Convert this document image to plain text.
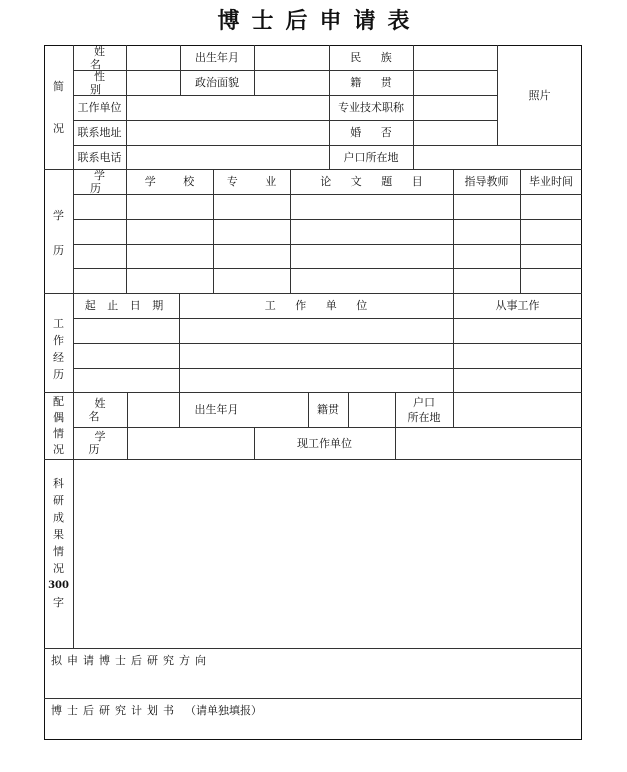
博士后申请表
简
况
姓 名	出生年月	民 族
照片
性 别	政治面貌	籍 贯
工作单位	专业技术职称
联系地址	婚 否
联系电话	户口所在地
学
历
学 历	学 校	专 业	论 文 题 目	指导教师	毕业时间
工
作
经
历
起 止 日 期	工 作 单 位	从事工作
配
偶
情
况
姓 名	出生年月	籍贯
户口
所在地
学 历	现工作单位
科
研
成
果
情
况
300
字
拟申请博士后研究方向
博士后研究计划书 （请单独填报）
